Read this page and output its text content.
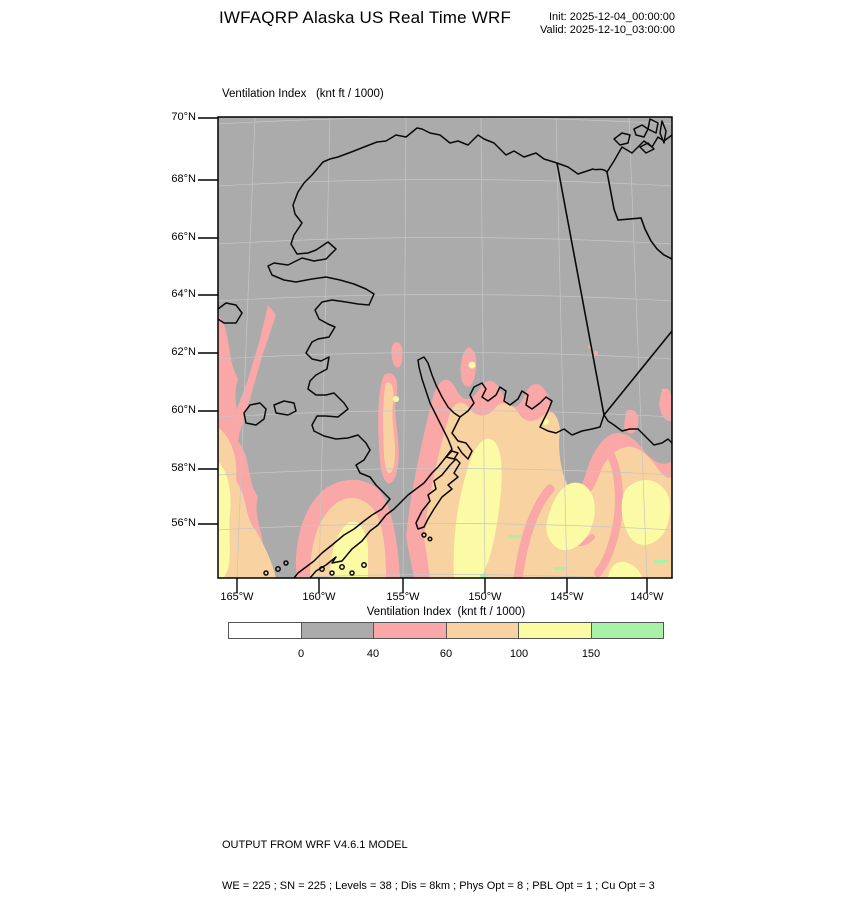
IWFAQRP Alaska US Real Time WRF	Init: 2025-12-04_00:00:00
Valid: 2025-12-10_03:00:00
Ventilation Index   (knt ft / 1000)
70°N
68°N
66°N
64°N
62°N
60°N
58°N
56°N
165°W	160°W	155°W	150°W	145°W	140°W
Ventilation Index  (knt ft / 1000)
0	40	60	100	150

OUTPUT FROM WRF V4.6.1 MODEL

WE = 225 ; SN = 225 ; Levels = 38 ; Dis = 8km ; Phys Opt = 8 ; PBL Opt = 1 ; Cu Opt = 3
